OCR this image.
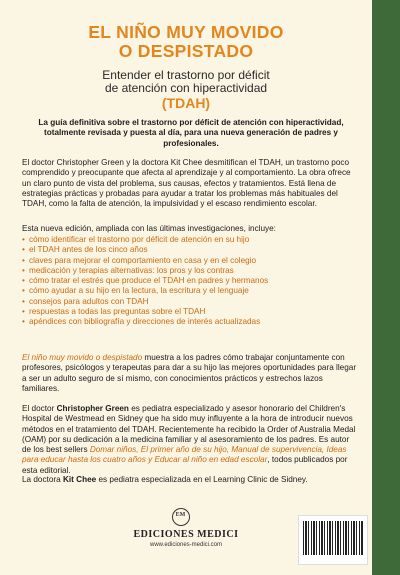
EL NIÑO MUY MOVIDO
O DESPISTADO
Entender el trastorno por déficit
de atención con hiperactividad
(TDAH)

La guía definitiva sobre el trastorno por déficit de atención con hiperactividad, totalmente revisada y puesta al día, para una nueva generación de padres y profesionales.

El doctor Christopher Green y la doctora Kit Chee desmitifican el TDAH, un trastorno poco comprendido y preocupante que afecta al aprendizaje y al comportamiento. La obra ofrece un claro punto de vista del problema, sus causas, efectos y tratamientos. Está llena de estrategias prácticas y probadas para ayudar a tratar los problemas más habituales del TDAH, como la falta de atención, la impulsividad y el escaso rendimiento escolar.

Esta nueva edición, ampliada con las últimas investigaciones, incluye:

• cómo identificar el trastorno por déficit de atención en su hijo
• el TDAH antes de los cinco años
• claves para mejorar el comportamiento en casa y en el colegio
• medicación y terapias alternativas: los pros y los contras
• cómo tratar el estrés que produce el TDAH en padres y hermanos
• cómo ayudar a su hijo en la lectura, la escritura y el lenguaje
• consejos para adultos con TDAH
• respuestas a todas las preguntas sobre el TDAH
• apéndices con bibliografía y direcciones de interés actualizadas

El niño muy movido o despistado muestra a los padres cómo trabajar conjuntamente con profesores, psicólogos y terapeutas para dar a su hijo las mejores oportunidades para llegar a ser un adulto seguro de sí mismo, con conocimientos prácticos y estrechos lazos familiares.

El doctor Christopher Green es pediatra especializado y asesor honorario del Children's Hospital de Westmead en Sidney que ha sido muy influyente a la hora de introducir nuevos métodos en el tratamiento del TDAH. Recientemente ha recibido la Order of Australia Medal (OAM) por su dedicación a la medicina familiar y al asesoramiento de los padres. Es autor de los best sellers Domar niños, El primer año de su hijo, Manual de supervivencia, Ideas para educar hasta los cuatro años y Educar al niño en edad escolar, todos publicados por esta editorial.

La doctora Kit Chee es pediatra especializada en el Learning Clinic de Sidney.

EM
EDICIONES MEDICI
www.ediciones-medici.com
